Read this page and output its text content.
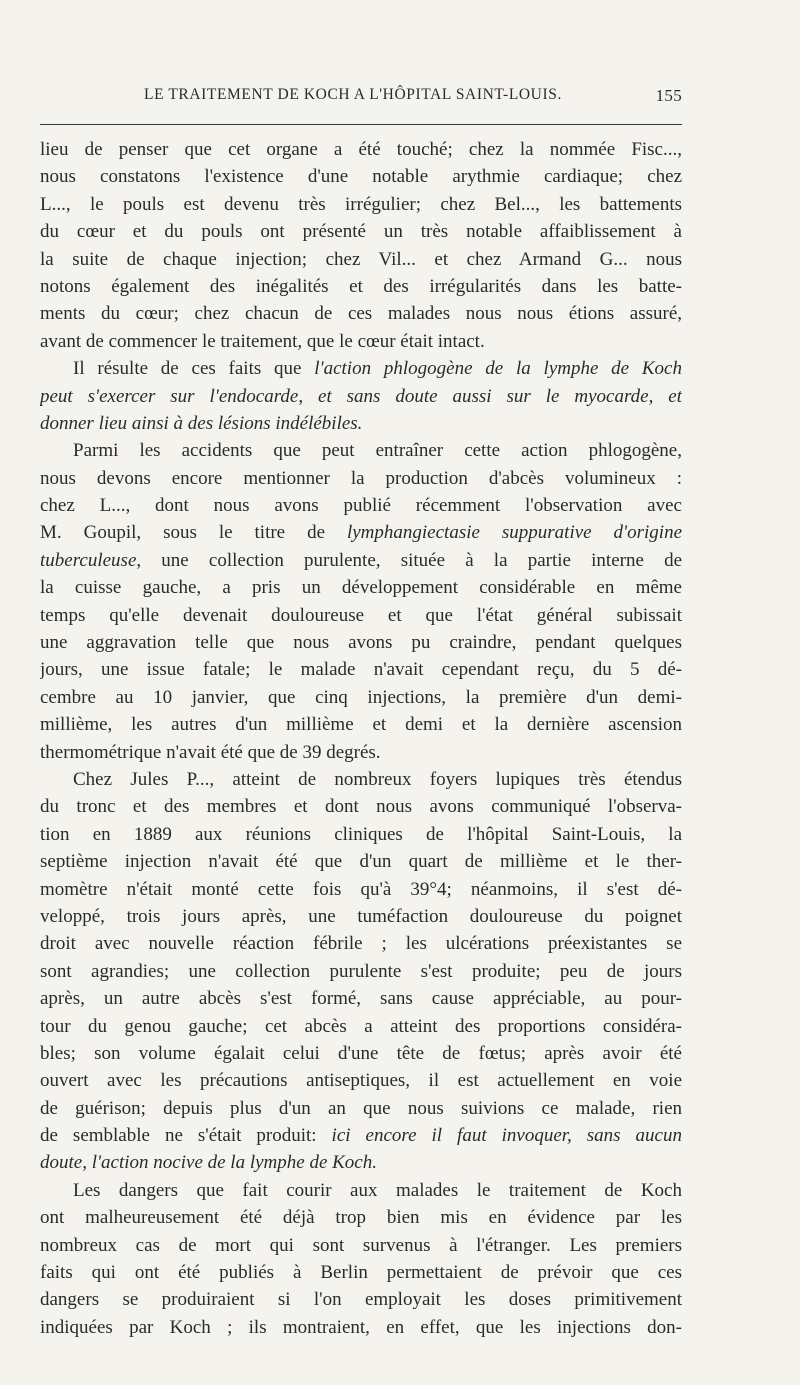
LE TRAITEMENT DE KOCH A L'HÔPITAL SAINT-LOUIS.	155
lieu de penser que cet organe a été touché; chez la nommée Fisc...,
nous constatons l'existence d'une notable arythmie cardiaque; chez
L..., le pouls est devenu très irrégulier; chez Bel..., les battements
du cœur et du pouls ont présenté un très notable affaiblissement à
la suite de chaque injection; chez Vil... et chez Armand G... nous
notons également des inégalités et des irrégularités dans les batte-
ments du cœur; chez chacun de ces malades nous nous étions assuré,
avant de commencer le traitement, que le cœur était intact.
Il résulte de ces faits que l'action phlogogène de la lymphe de Koch
peut s'exercer sur l'endocarde, et sans doute aussi sur le myocarde, et
donner lieu ainsi à des lésions indélébiles.
Parmi les accidents que peut entraîner cette action phlogogène,
nous devons encore mentionner la production d'abcès volumineux :
chez L..., dont nous avons publié récemment l'observation avec
M. Goupil, sous le titre de lymphangiectasie suppurative d'origine
tuberculeuse, une collection purulente, située à la partie interne de
la cuisse gauche, a pris un développement considérable en même
temps qu'elle devenait douloureuse et que l'état général subissait
une aggravation telle que nous avons pu craindre, pendant quelques
jours, une issue fatale; le malade n'avait cependant reçu, du 5 dé-
cembre au 10 janvier, que cinq injections, la première d'un demi-
millième, les autres d'un millième et demi et la dernière ascension
thermométrique n'avait été que de 39 degrés.
Chez Jules P..., atteint de nombreux foyers lupiques très étendus
du tronc et des membres et dont nous avons communiqué l'observa-
tion en 1889 aux réunions cliniques de l'hôpital Saint-Louis, la
septième injection n'avait été que d'un quart de millième et le ther-
momètre n'était monté cette fois qu'à 39°4; néanmoins, il s'est dé-
veloppé, trois jours après, une tuméfaction douloureuse du poignet
droit avec nouvelle réaction fébrile ; les ulcérations préexistantes se
sont agrandies; une collection purulente s'est produite; peu de jours
après, un autre abcès s'est formé, sans cause appréciable, au pour-
tour du genou gauche; cet abcès a atteint des proportions considéra-
bles; son volume égalait celui d'une tête de fœtus; après avoir été
ouvert avec les précautions antiseptiques, il est actuellement en voie
de guérison; depuis plus d'un an que nous suivions ce malade, rien
de semblable ne s'était produit: ici encore il faut invoquer, sans aucun
doute, l'action nocive de la lymphe de Koch.
Les dangers que fait courir aux malades le traitement de Koch
ont malheureusement été déjà trop bien mis en évidence par les
nombreux cas de mort qui sont survenus à l'étranger. Les premiers
faits qui ont été publiés à Berlin permettaient de prévoir que ces
dangers se produiraient si l'on employait les doses primitivement
indiquées par Koch ; ils montraient, en effet, que les injections don-
